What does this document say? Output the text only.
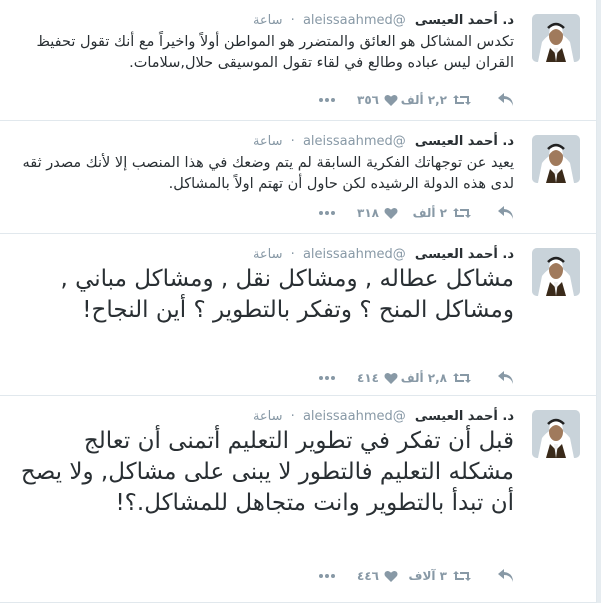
د. أحمد العيسى @aleissaahmed · ساعة
تكدس المشاكل هو العائق والمتضرر هو المواطن أولاً واخيراً مع أنك تقول تحفيظ القران ليس عباده وطالع في لقاء تقول الموسيقى حلال,سلامات.
٢,٢ ألف
٣٥٦
د. أحمد العيسى @aleissaahmed · ساعة
يعيد عن توجهاتك الفكرية السابقة لم يتم وضعك في هذا المنصب إلا لأنك مصدر ثقه لدى هذه الدولة الرشيده لكن حاول أن تهتم اولاً بالمشاكل.
٢ ألف
٣١٨
د. أحمد العيسى @aleissaahmed · ساعة
مشاكل عطاله , ومشاكل نقل , ومشاكل مباني , ومشاكل المنح ؟ وتفكر بالتطوير ؟ أين النجاح!
٢,٨ ألف
٤١٤
د. أحمد العيسى @aleissaahmed · ساعة
قبل أن تفكر في تطوير التعليم أتمنى أن تعالج مشكله التعليم فالتطور لا يبنى على مشاكل, ولا يصح أن تبدأ بالتطوير وانت متجاهل للمشاكل.؟!
٣ آلاف
٤٤٦
